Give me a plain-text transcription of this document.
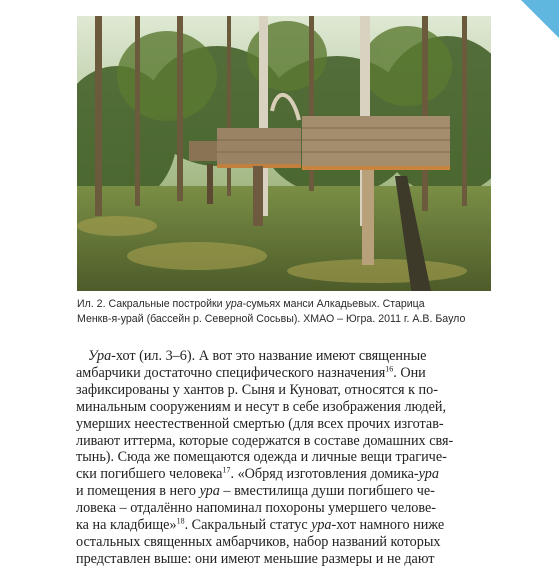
Ил. 2. Сакральные постройки ура-сумьях манси Алкадьевых. Старица

Менкв-я-урай (бассейн р. Северной Сосьвы). ХМАО – Югра. 2011 г. А.В. Бауло

Ура-хот (ил. 3–6). А вот это название имеют священные
амбарчики достаточно специфического назначения$^{16}$. Они
зафиксированы у хантов р. Сыня и Куноват, относятся к по-
минальным сооружениям и несут в себе изображения людей,
умерших неестественной смертью (для всех прочих изготав-
ливают иттерма, которые содержатся в составе домашних свя-
тынь). Сюда же помещаются одежда и личные вещи трагиче-
ски погибшего человека$^{17}$. «Обряд изготовления домика-ура
и помещения в него ура – вместилища души погибшего че-
ловека – отдалённо напоминал похороны умершего челове-
ка на кладбище»$^{18}$. Сакральный статус ура-хот намного ниже
остальных священных амбарчиков, набор названий которых
представлен выше: они имеют меньшие размеры и не дают
